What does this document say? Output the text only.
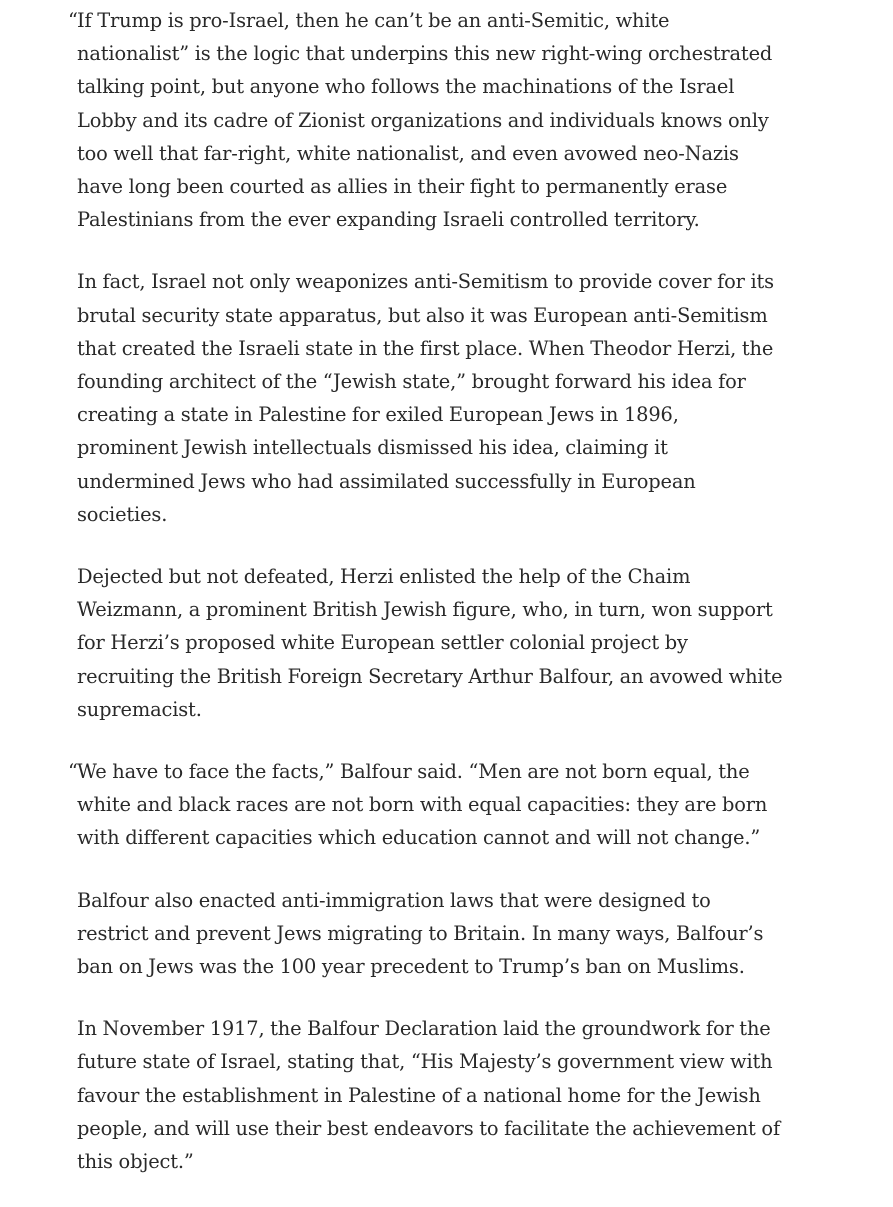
“ If Trump is pro-Israel, then he can’t be an anti-Semitic, white nationalist” is the logic that underpins this new right-wing orchestrated talking point, but anyone who follows the machinations of the Israel Lobby and its cadre of Zionist organizations and individuals knows only too well that far-right, white nationalist, and even avowed neo-Nazis have long been courted as allies in their fight to permanently erase Palestinians from the ever expanding Israeli controlled territory.

In fact, Israel not only weaponizes anti-Semitism to provide cover for its brutal security state apparatus, but also it was European anti-Semitism that created the Israeli state in the first place. When Theodor Herzi, the founding architect of the “Jewish state,” brought forward his idea for creating a state in Palestine for exiled European Jews in 1896, prominent Jewish intellectuals dismissed his idea, claiming it undermined Jews who had assimilated successfully in European societies.

Dejected but not defeated, Herzi enlisted the help of the Chaim Weizmann, a prominent British Jewish figure, who, in turn, won support for Herzi’s proposed white European settler colonial project by recruiting the British Foreign Secretary Arthur Balfour, an avowed white supremacist.

“ We have to face the facts,” Balfour said. “Men are not born equal, the white and black races are not born with equal capacities: they are born with different capacities which education cannot and will not change.”

Balfour also enacted anti-immigration laws that were designed to restrict and prevent Jews migrating to Britain. In many ways, Balfour’s ban on Jews was the 100 year precedent to Trump’s ban on Muslims.

In November 1917, the Balfour Declaration laid the groundwork for the future state of Israel, stating that, “His Majesty’s government view with favour the establishment in Palestine of a national home for the Jewish people, and will use their best endeavors to facilitate the achievement of this object.”
